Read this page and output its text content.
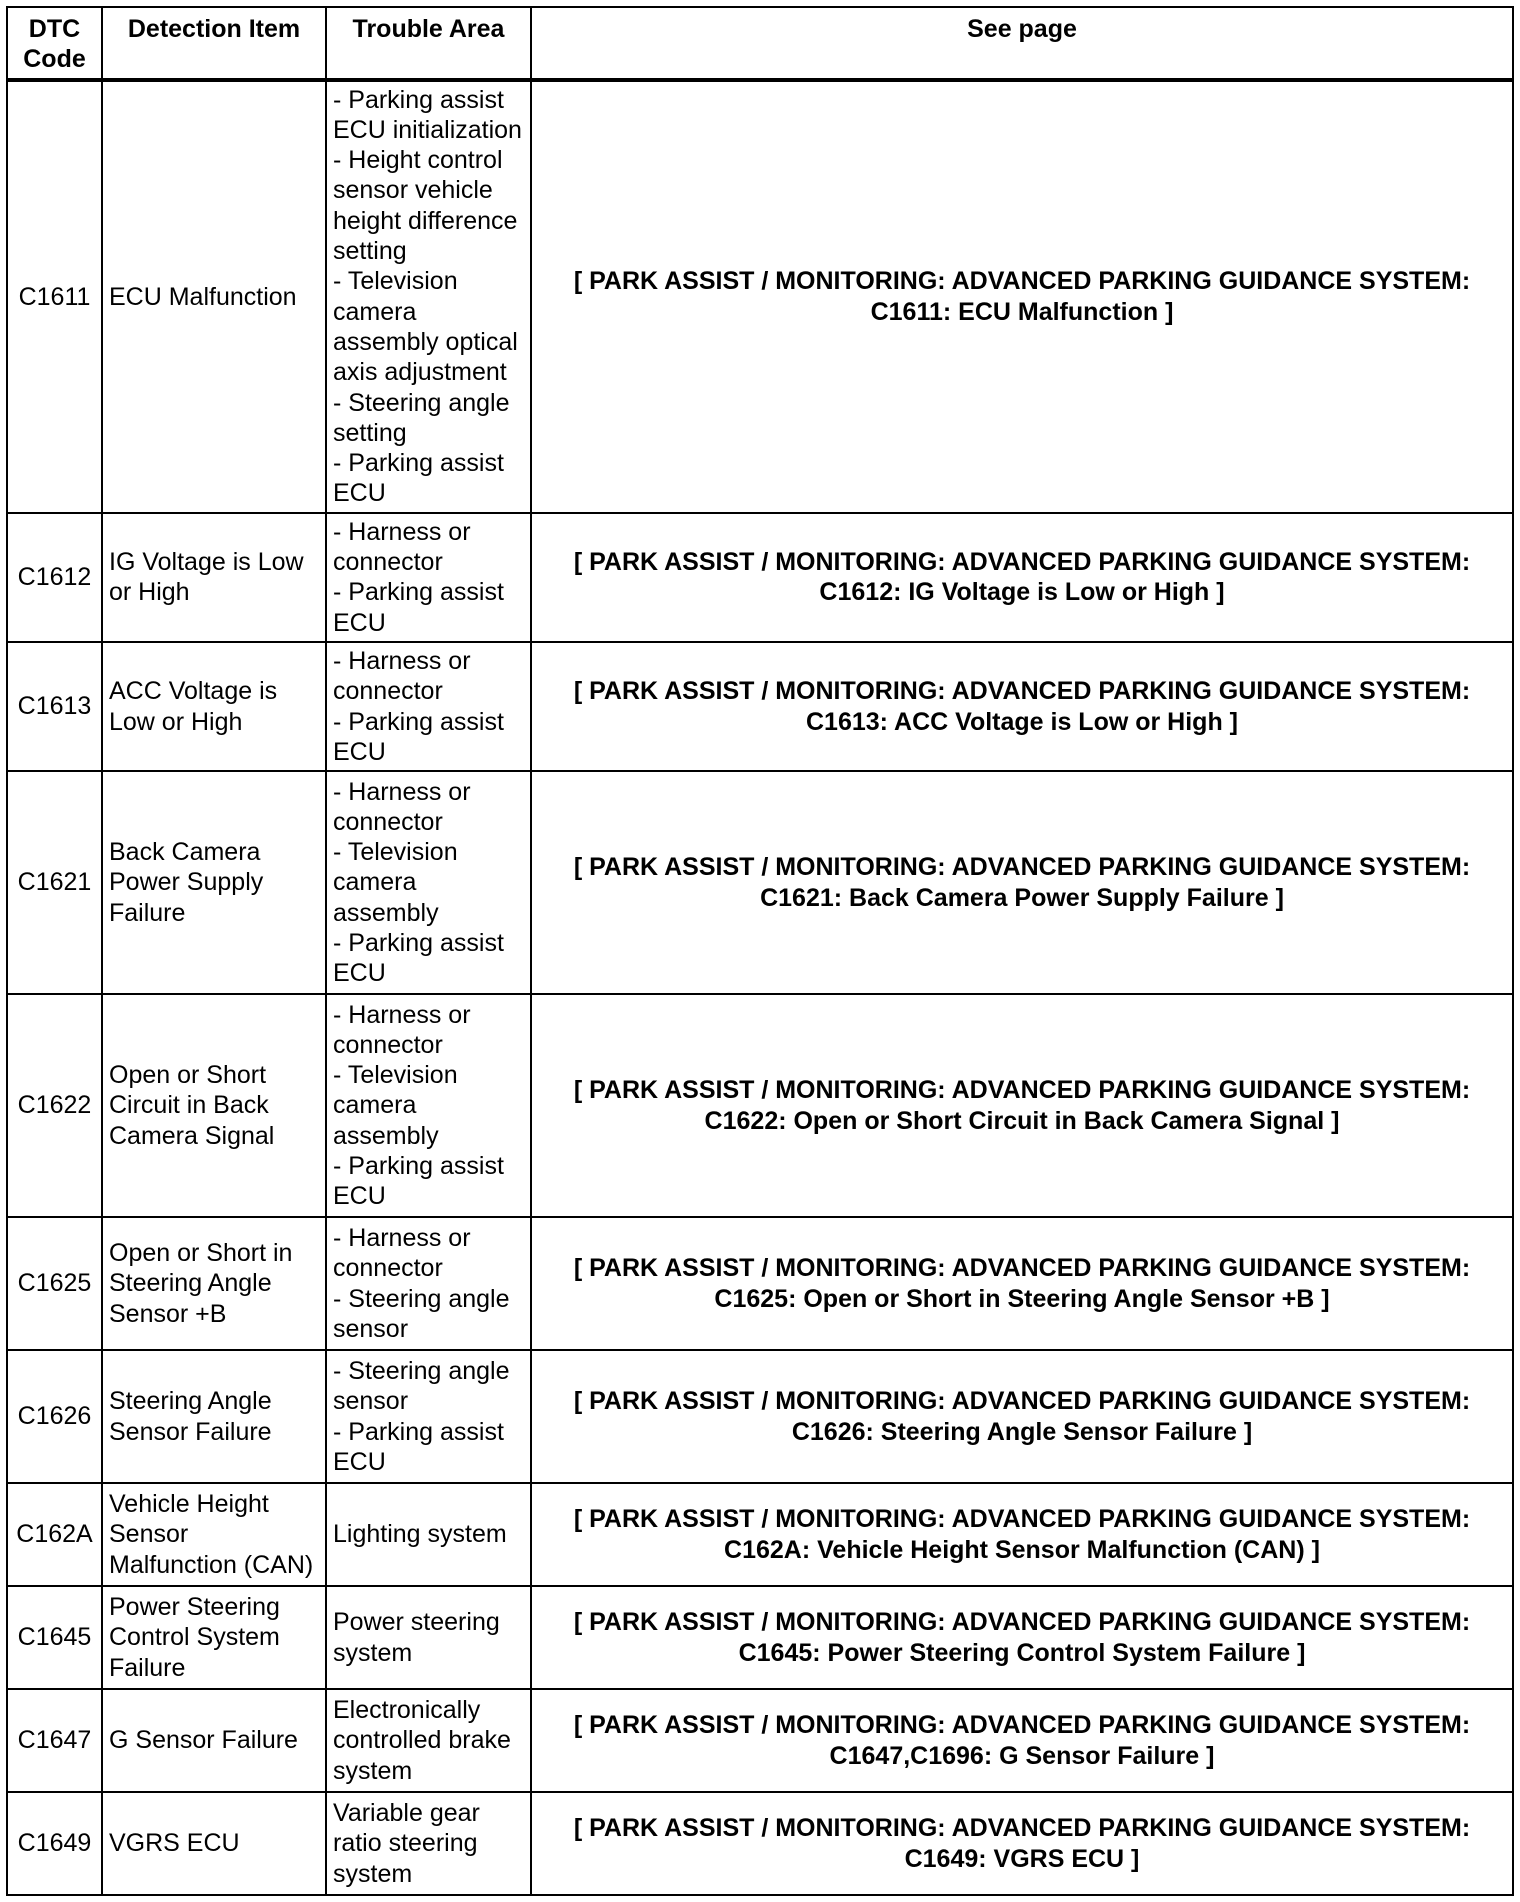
DTC Code	Detection Item	Trouble Area	See page
C1611	ECU Malfunction	- Parking assist ECU initialization
- Height control sensor vehicle height difference setting
- Television camera assembly optical axis adjustment
- Steering angle setting
- Parking assist ECU	[ PARK ASSIST / MONITORING: ADVANCED PARKING GUIDANCE SYSTEM: C1611: ECU Malfunction ]
C1612	IG Voltage is Low or High	- Harness or connector
- Parking assist ECU	[ PARK ASSIST / MONITORING: ADVANCED PARKING GUIDANCE SYSTEM: C1612: IG Voltage is Low or High ]
C1613	ACC Voltage is Low or High	- Harness or connector
- Parking assist ECU	[ PARK ASSIST / MONITORING: ADVANCED PARKING GUIDANCE SYSTEM: C1613: ACC Voltage is Low or High ]
C1621	Back Camera Power Supply Failure	- Harness or connector
- Television camera assembly
- Parking assist ECU	[ PARK ASSIST / MONITORING: ADVANCED PARKING GUIDANCE SYSTEM: C1621: Back Camera Power Supply Failure ]
C1622	Open or Short Circuit in Back Camera Signal	- Harness or connector
- Television camera assembly
- Parking assist ECU	[ PARK ASSIST / MONITORING: ADVANCED PARKING GUIDANCE SYSTEM: C1622: Open or Short Circuit in Back Camera Signal ]
C1625	Open or Short in Steering Angle Sensor +B	- Harness or connector
- Steering angle sensor	[ PARK ASSIST / MONITORING: ADVANCED PARKING GUIDANCE SYSTEM: C1625: Open or Short in Steering Angle Sensor +B ]
C1626	Steering Angle Sensor Failure	- Steering angle sensor
- Parking assist ECU	[ PARK ASSIST / MONITORING: ADVANCED PARKING GUIDANCE SYSTEM: C1626: Steering Angle Sensor Failure ]
C162A	Vehicle Height Sensor Malfunction (CAN)	Lighting system	[ PARK ASSIST / MONITORING: ADVANCED PARKING GUIDANCE SYSTEM: C162A: Vehicle Height Sensor Malfunction (CAN) ]
C1645	Power Steering Control System Failure	Power steering system	[ PARK ASSIST / MONITORING: ADVANCED PARKING GUIDANCE SYSTEM: C1645: Power Steering Control System Failure ]
C1647	G Sensor Failure	Electronically controlled brake system	[ PARK ASSIST / MONITORING: ADVANCED PARKING GUIDANCE SYSTEM: C1647,C1696: G Sensor Failure ]
C1649	VGRS ECU	Variable gear ratio steering system	[ PARK ASSIST / MONITORING: ADVANCED PARKING GUIDANCE SYSTEM: C1649: VGRS ECU ]
